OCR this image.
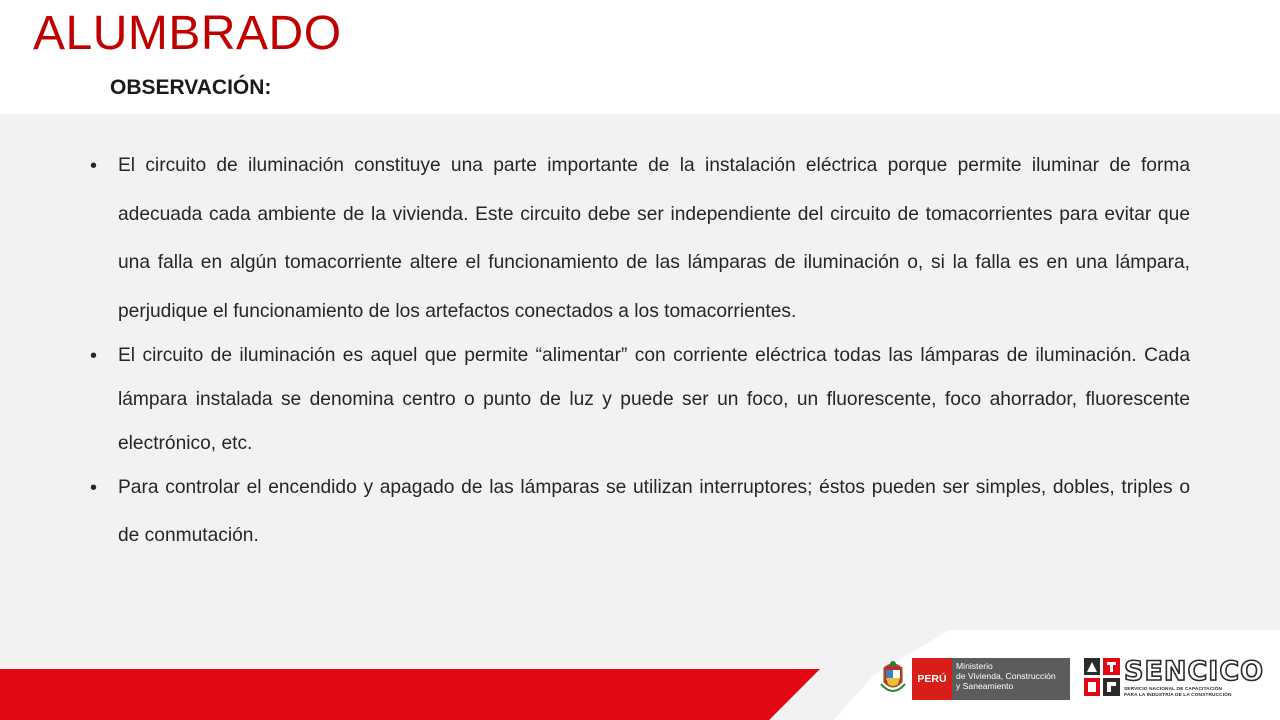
ALUMBRADO
OBSERVACIÓN:
• El circuito de iluminación constituye una parte importante de la instalación eléctrica porque permite iluminar de forma adecuada cada ambiente de la vivienda. Este circuito debe ser independiente del circuito de tomacorrientes para evitar que una falla en algún tomacorriente altere el funcionamiento de las lámparas de iluminación o, si la falla es en una lámpara, perjudique el funcionamiento de los artefactos conectados a los tomacorrientes.
• El circuito de iluminación es aquel que permite “alimentar” con corriente eléctrica todas las lámparas de iluminación. Cada lámpara instalada se denomina centro o punto de luz y puede ser un foco, un fluorescente, foco ahorrador, fluorescente electrónico, etc.
• Para controlar el encendido y apagado de las lámparas se utilizan interruptores; éstos pueden ser simples, dobles, triples o de conmutación.
PERÚ
Ministerio
de Vivienda, Construcción
y Saneamiento	SENCICO
SERVICIO NACIONAL DE CAPACITACIÓN
PARA LA INDUSTRIA DE LA CONSTRUCCIÓN
